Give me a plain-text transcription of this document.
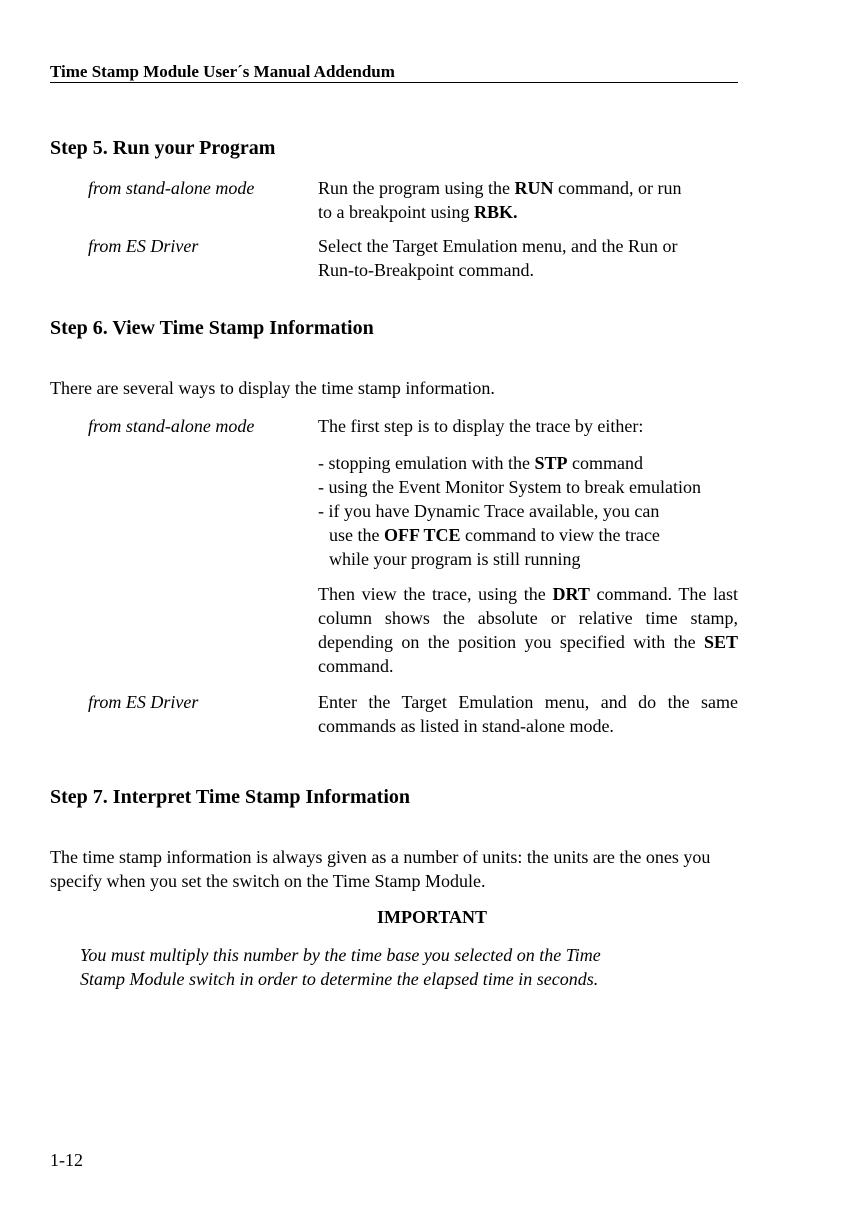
Time Stamp Module User´s Manual Addendum
Step 5. Run your Program
from stand-alone mode	Run the program using the RUN command, or run
to a breakpoint using RBK.
from ES Driver	Select the Target Emulation menu, and the Run or
Run-to-Breakpoint command.
Step 6. View Time Stamp Information
There are several ways to display the time stamp information.
from stand-alone mode	The first step is to display the trace by either:
- stopping emulation with the STP command
- using the Event Monitor System to break emulation
- if you have Dynamic Trace available, you can
use the OFF TCE command to view the trace
while your program is still running
Then view the trace, using the DRT command. The last column shows the absolute or relative time stamp, depending on the position you specified with the SET command.
from ES Driver	Enter the Target Emulation menu, and do the same commands as listed in stand-alone mode.
Step 7. Interpret Time Stamp Information
The time stamp information is always given as a number of units: the units are the ones you specify when you set the switch on the Time Stamp Module.
IMPORTANT
You must multiply this number by the time base you selected on the Time
Stamp Module switch in order to determine the elapsed time in seconds.
1-12
